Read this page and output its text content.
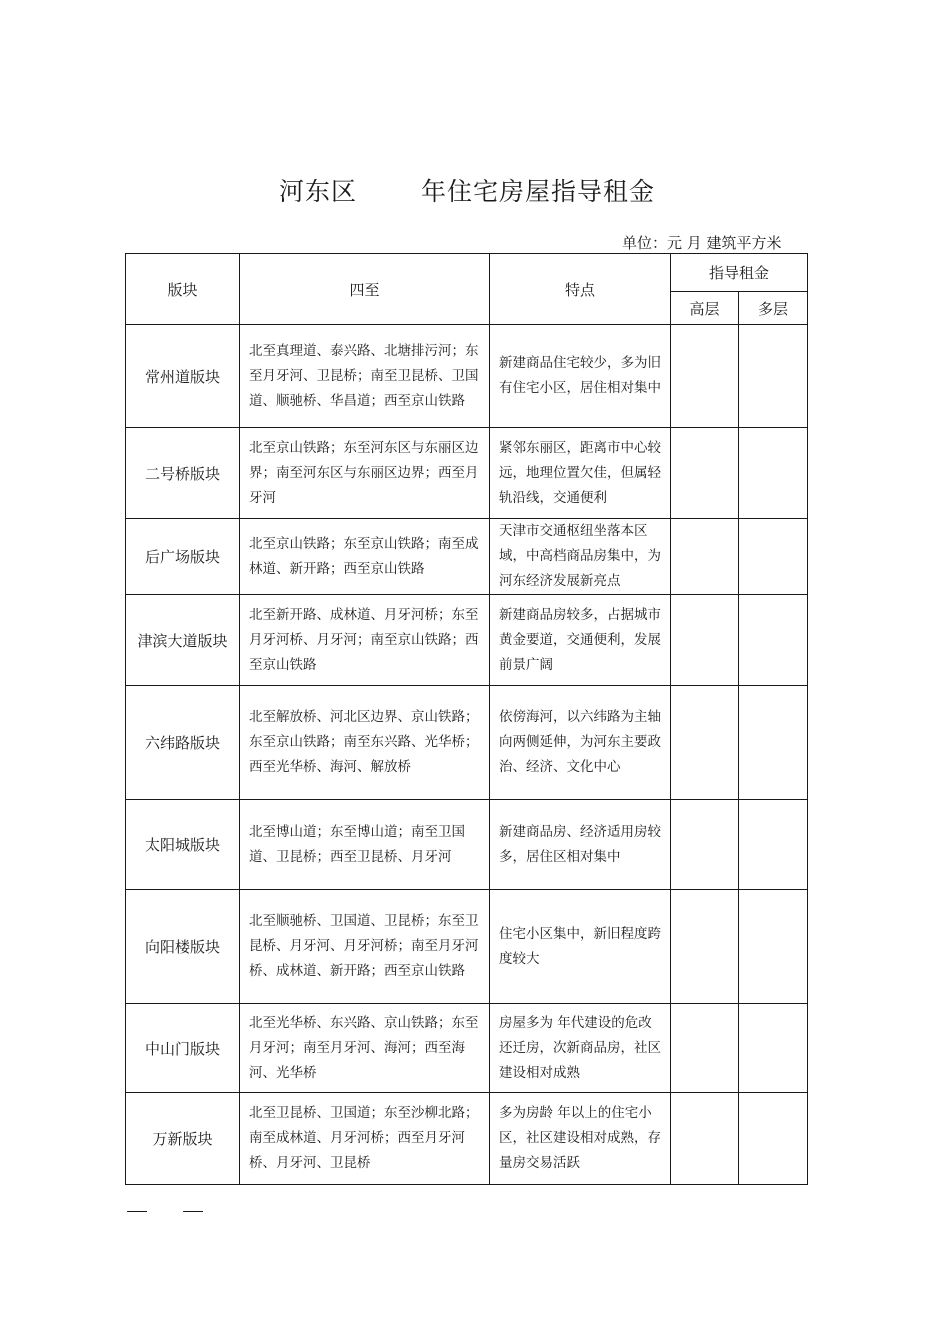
河东区	年住宅房屋指导租金
单位：元 月 建筑平方米
版块	四至	特点	指导租金	
			高层	多层
常州道版块	北至真理道、泰兴路、北塘排污河；东至月牙河、卫昆桥；南至卫昆桥、卫国道、顺驰桥、华昌道；西至京山铁路	新建商品住宅较少，多为旧有住宅小区，居住相对集中		
二号桥版块	北至京山铁路；东至河东区与东丽区边界；南至河东区与东丽区边界；西至月牙河	紧邻东丽区，距离市中心较远，地理位置欠佳，但属轻轨沿线，交通便利		
后广场版块	北至京山铁路；东至京山铁路；南至成林道、新开路；西至京山铁路	天津市交通枢纽坐落本区域，中高档商品房集中，为河东经济发展新亮点		
津滨大道版块	北至新开路、成林道、月牙河桥；东至月牙河桥、月牙河；南至京山铁路；西至京山铁路	新建商品房较多，占据城市黄金要道，交通便利，发展前景广阔		
六纬路版块	北至解放桥、河北区边界、京山铁路；东至京山铁路；南至东兴路、光华桥；西至光华桥、海河、解放桥	依傍海河，以六纬路为主轴向两侧延伸，为河东主要政治、经济、文化中心		
太阳城版块	北至博山道；东至博山道；南至卫国道、卫昆桥；西至卫昆桥、月牙河	新建商品房、经济适用房较多，居住区相对集中		
向阳楼版块	北至顺驰桥、卫国道、卫昆桥；东至卫昆桥、月牙河、月牙河桥；南至月牙河桥、成林道、新开路；西至京山铁路	住宅小区集中，新旧程度跨度较大		
中山门版块	北至光华桥、东兴路、京山铁路；东至月牙河；南至月牙河、海河；西至海河、光华桥	房屋多为 年代建设的危改还迁房，次新商品房，社区建设相对成熟		
万新版块	北至卫昆桥、卫国道；东至沙柳北路；南至成林道、月牙河桥；西至月牙河桥、月牙河、卫昆桥	多为房龄 年以上的住宅小区，社区建设相对成熟，存量房交易活跃		
